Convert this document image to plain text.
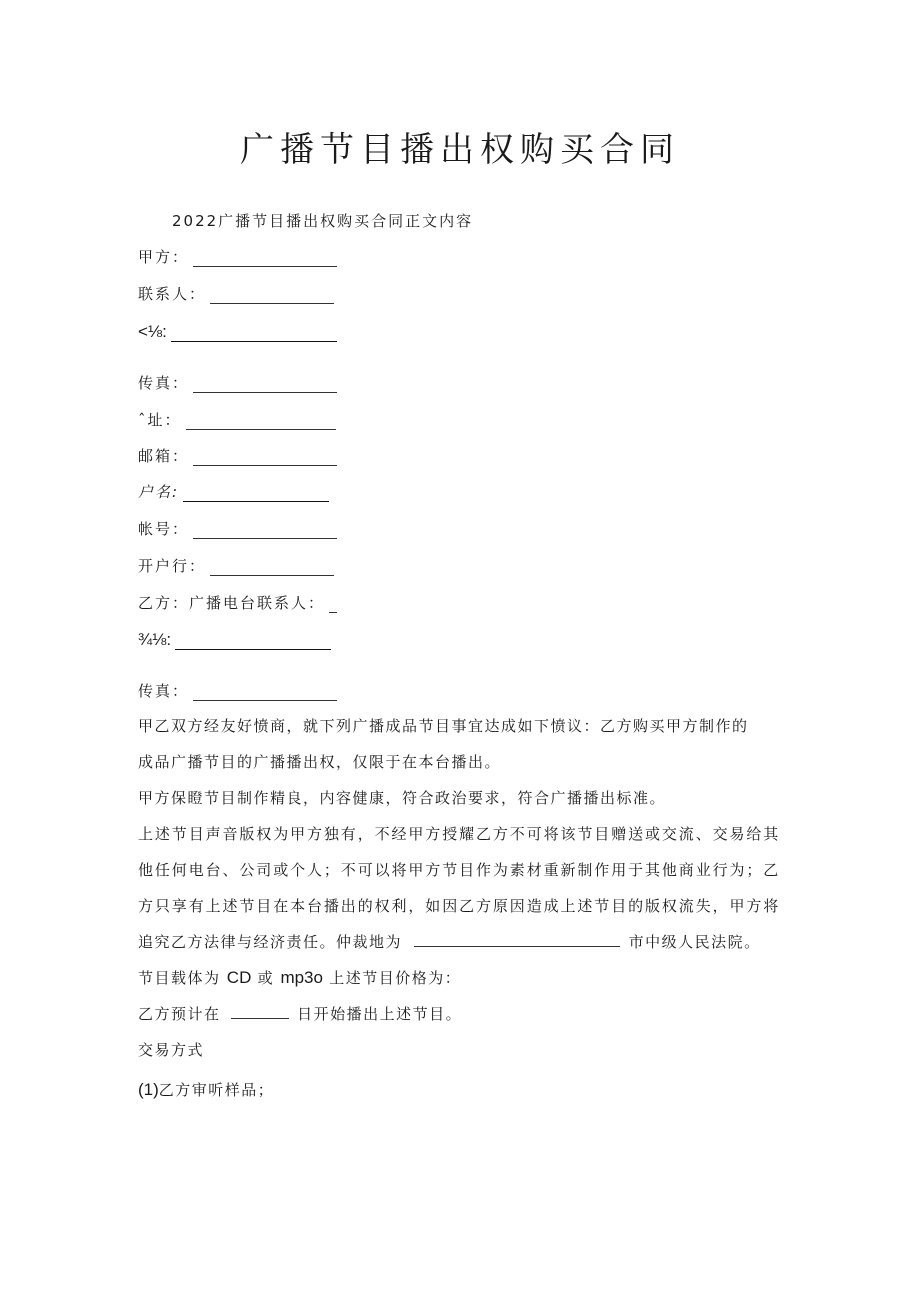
广播节目播出权购买合同
2022广播节目播出权购买合同正文内容
甲方：
联系人：
<⅛:
传真：
ˆ址：
邮箱：
户名:
帐号：
开户行：
乙方：广播电台联系人：
¾⅛:
传真：
甲乙双方经友好愤商，就下列广播成品节目事宜达成如下愤议：乙方购买甲方制作的
成品广播节目的广播播出权，仅限于在本台播出。
甲方保瞪节目制作精良，内容健康，符合政治要求，符合广播播出标准。
上述节目声音版权为甲方独有，不经甲方授耀乙方不可将该节目赠送或交流、交易给其
他任何电台、公司或个人；不可以将甲方节目作为素材重新制作用于其他商业行为；乙
方只享有上述节目在本台播出的权利，如因乙方原因造成上述节目的版权流失，甲方将
追究乙方法律与经济责任。仲裁地为	市中级人民法院。
节目载体为 CD 或 mp3o 上述节目价格为：
乙方预计在	日开始播出上述节目。
交易方式
(1)乙方审听样品；
